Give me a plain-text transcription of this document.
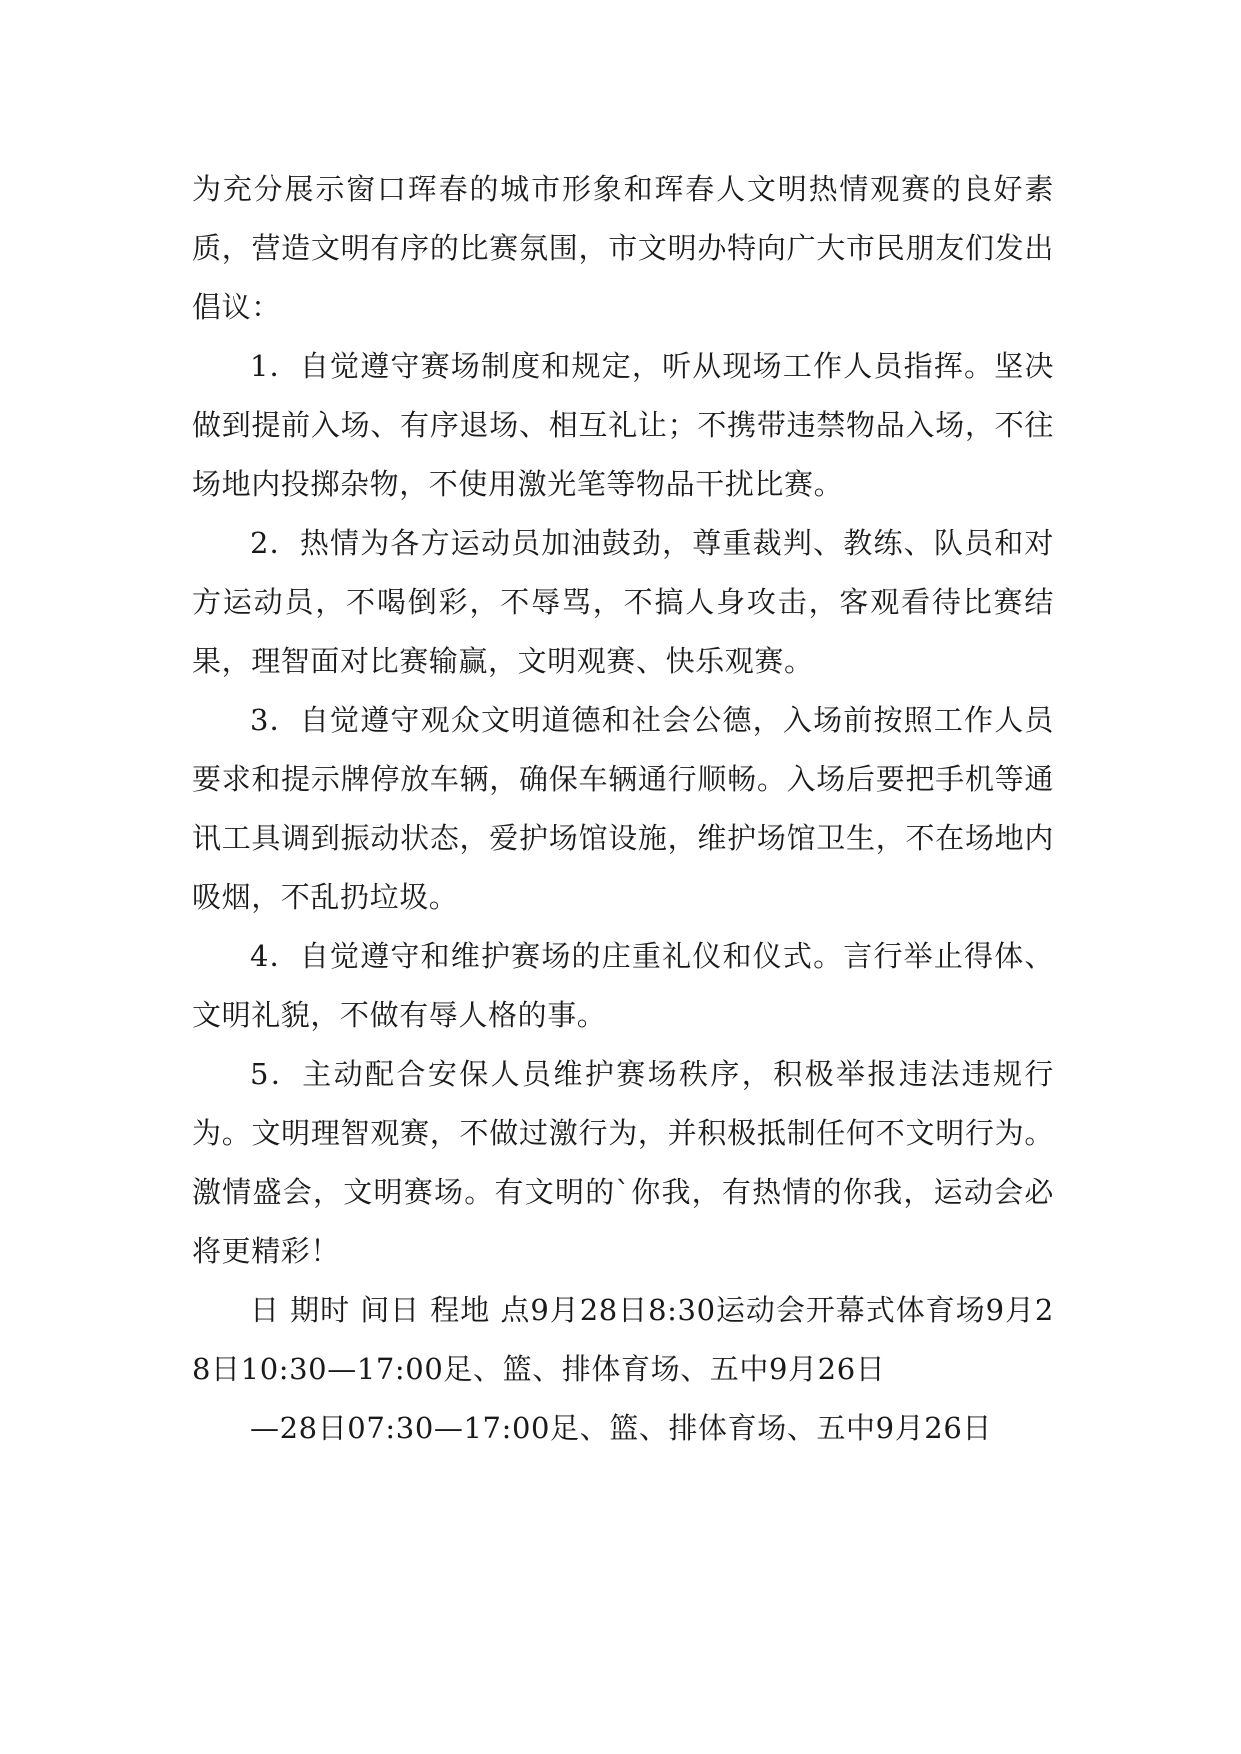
为充分展示窗口珲春的城市形象和珲春人文明热情观赛的良好素质，营造文明有序的比赛氛围，市文明办特向广大市民朋友们发出倡议：

1．自觉遵守赛场制度和规定，听从现场工作人员指挥。坚决做到提前入场、有序退场、相互礼让；不携带违禁物品入场，不往场地内投掷杂物，不使用激光笔等物品干扰比赛。

2．热情为各方运动员加油鼓劲，尊重裁判、教练、队员和对方运动员，不喝倒彩，不辱骂，不搞人身攻击，客观看待比赛结果，理智面对比赛输赢，文明观赛、快乐观赛。

3．自觉遵守观众文明道德和社会公德，入场前按照工作人员要求和提示牌停放车辆，确保车辆通行顺畅。入场后要把手机等通讯工具调到振动状态，爱护场馆设施，维护场馆卫生，不在场地内吸烟，不乱扔垃圾。

4．自觉遵守和维护赛场的庄重礼仪和仪式。言行举止得体、文明礼貌，不做有辱人格的事。

5．主动配合安保人员维护赛场秩序，积极举报违法违规行为。文明理智观赛，不做过激行为，并积极抵制任何不文明行为。激情盛会，文明赛场。有文明的`你我，有热情的你我，运动会必将更精彩！

日 期时 间日 程地 点9月28日8:30运动会开幕式体育场9月28日10:30—17:00足、篮、排体育场、五中9月26日

—28日07:30—17:00足、篮、排体育场、五中9月26日
